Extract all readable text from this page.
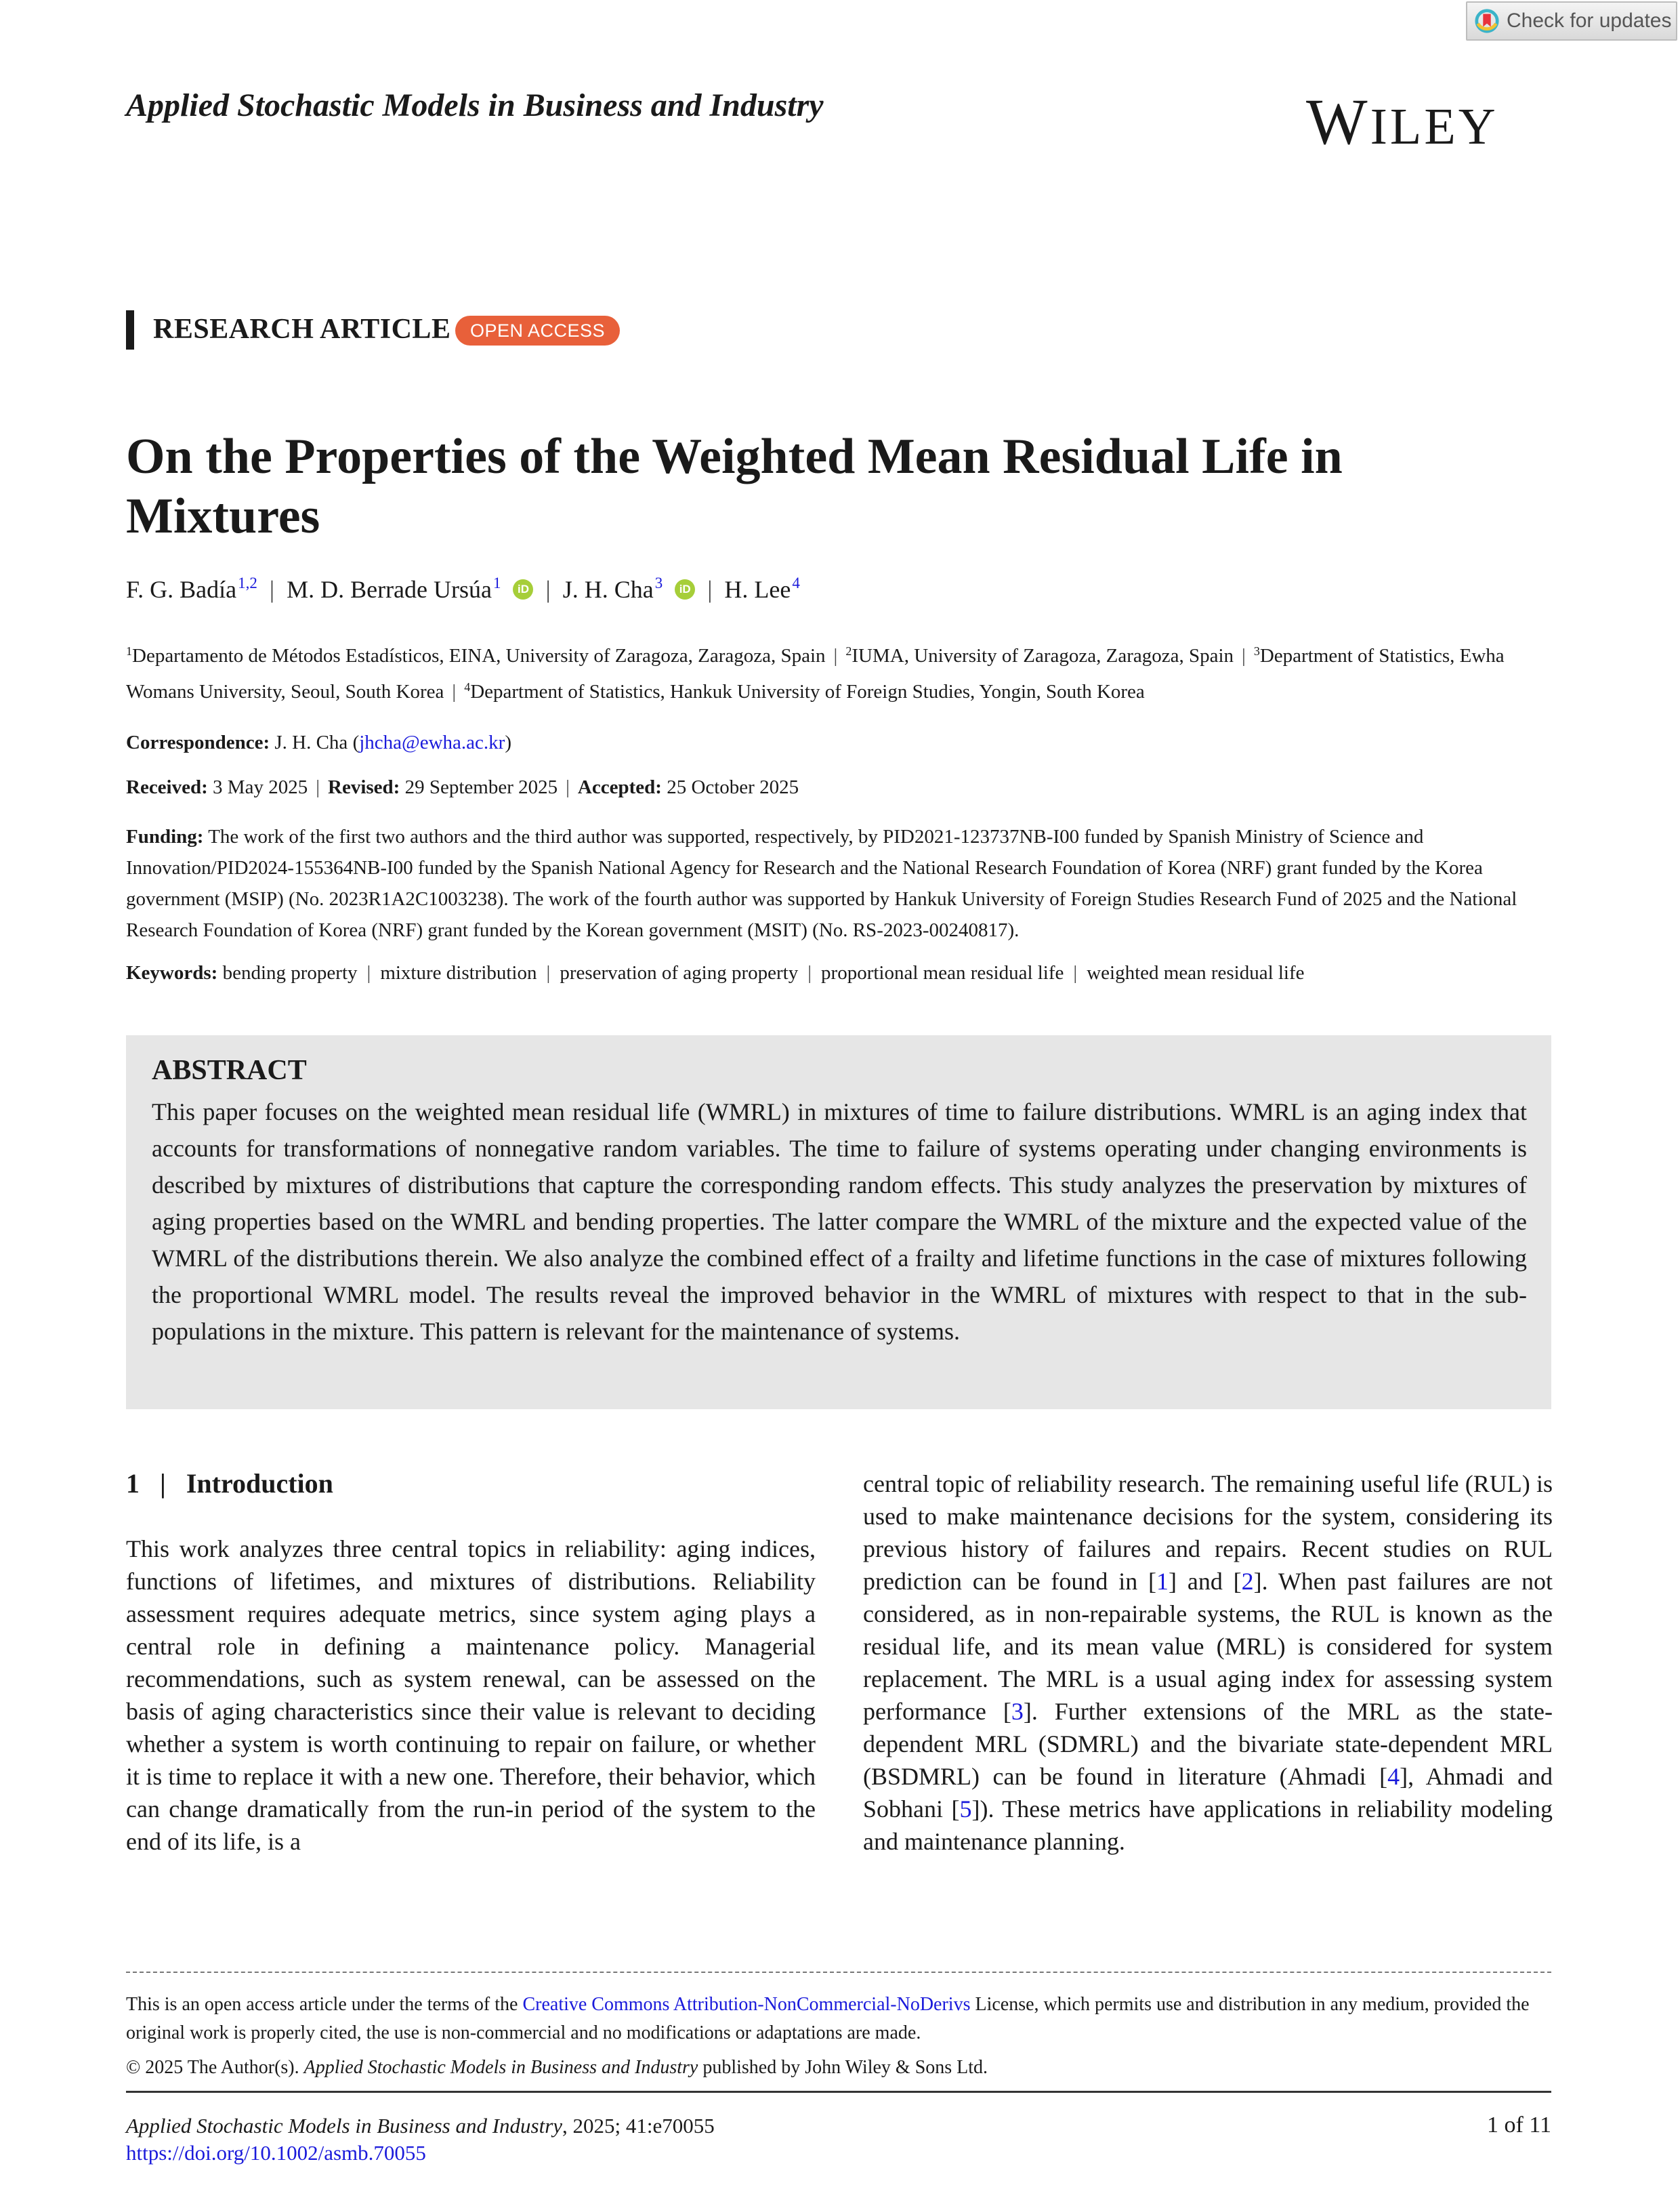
Check for updates
Applied Stochastic Models in Business and Industry	WILEY
RESEARCH ARTICLE	OPEN ACCESS
On the Properties of the Weighted Mean Residual Life in Mixtures
F. G. Badía$^{1,2}$ | M. D. Berrade Ursúa$^1$	iD | J. H. Cha$^3$	iD | H. Lee$^4$
$^1$Departamento de Métodos Estadísticos, EINA, University of Zaragoza, Zaragoza, Spain | $^2$IUMA, University of Zaragoza, Zaragoza, Spain | $^3$Department of Statistics, Ewha Womans University, Seoul, South Korea | $^4$Department of Statistics, Hankuk University of Foreign Studies, Yongin, South Korea
Correspondence: J. H. Cha (jhcha@ewha.ac.kr)
Received: 3 May 2025 | Revised: 29 September 2025 | Accepted: 25 October 2025
Funding: The work of the first two authors and the third author was supported, respectively, by PID2021-123737NB-I00 funded by Spanish Ministry of Science and Innovation/PID2024-155364NB-I00 funded by the Spanish National Agency for Research and the National Research Foundation of Korea (NRF) grant funded by the Korea government (MSIP) (No. 2023R1A2C1003238). The work of the fourth author was supported by Hankuk University of Foreign Studies Research Fund of 2025 and the National Research Foundation of Korea (NRF) grant funded by the Korean government (MSIT) (No. RS-2023-00240817).
Keywords: bending property | mixture distribution | preservation of aging property | proportional mean residual life | weighted mean residual life
ABSTRACT
This paper focuses on the weighted mean residual life (WMRL) in mixtures of time to failure distributions. WMRL is an aging index that accounts for transformations of nonnegative random variables. The time to failure of systems operating under changing environments is described by mixtures of distributions that capture the corresponding random effects. This study analyzes the preservation by mixtures of aging properties based on the WMRL and bending properties. The latter compare the WMRL of the mixture and the expected value of the WMRL of the distributions therein. We also analyze the combined effect of a frailty and lifetime functions in the case of mixtures following the proportional WMRL model. The results reveal the improved behavior in the WMRL of mixtures with respect to that in the sub-populations in the mixture. This pattern is relevant for the maintenance of systems.
1 | Introduction
This work analyzes three central topics in reliability: aging indices, functions of lifetimes, and mixtures of distributions. Reliability assessment requires adequate metrics, since system aging plays a central role in defining a maintenance policy. Managerial recommendations, such as system renewal, can be assessed on the basis of aging characteristics since their value is relevant to deciding whether a system is worth continuing to repair on failure, or whether it is time to replace it with a new one. Therefore, their behavior, which can change dramatically from the run-in period of the system to the end of its life, is a
central topic of reliability research. The remaining useful life (RUL) is used to make maintenance decisions for the system, considering its previous history of failures and repairs. Recent studies on RUL prediction can be found in [1] and [2]. When past failures are not considered, as in non-repairable systems, the RUL is known as the residual life, and its mean value (MRL) is considered for system replacement. The MRL is a usual aging index for assessing system performance [3]. Further extensions of the MRL as the state-dependent MRL (SDMRL) and the bivariate state-dependent MRL (BSDMRL) can be found in literature (Ahmadi [4], Ahmadi and Sobhani [5]). These metrics have applications in reliability modeling and maintenance planning.
This is an open access article under the terms of the Creative Commons Attribution-NonCommercial-NoDerivs License, which permits use and distribution in any medium, provided the original work is properly cited, the use is non-commercial and no modifications or adaptations are made.
© 2025 The Author(s). Applied Stochastic Models in Business and Industry published by John Wiley & Sons Ltd.
Applied Stochastic Models in Business and Industry, 2025; 41:e70055
https://doi.org/10.1002/asmb.70055
1 of 11
